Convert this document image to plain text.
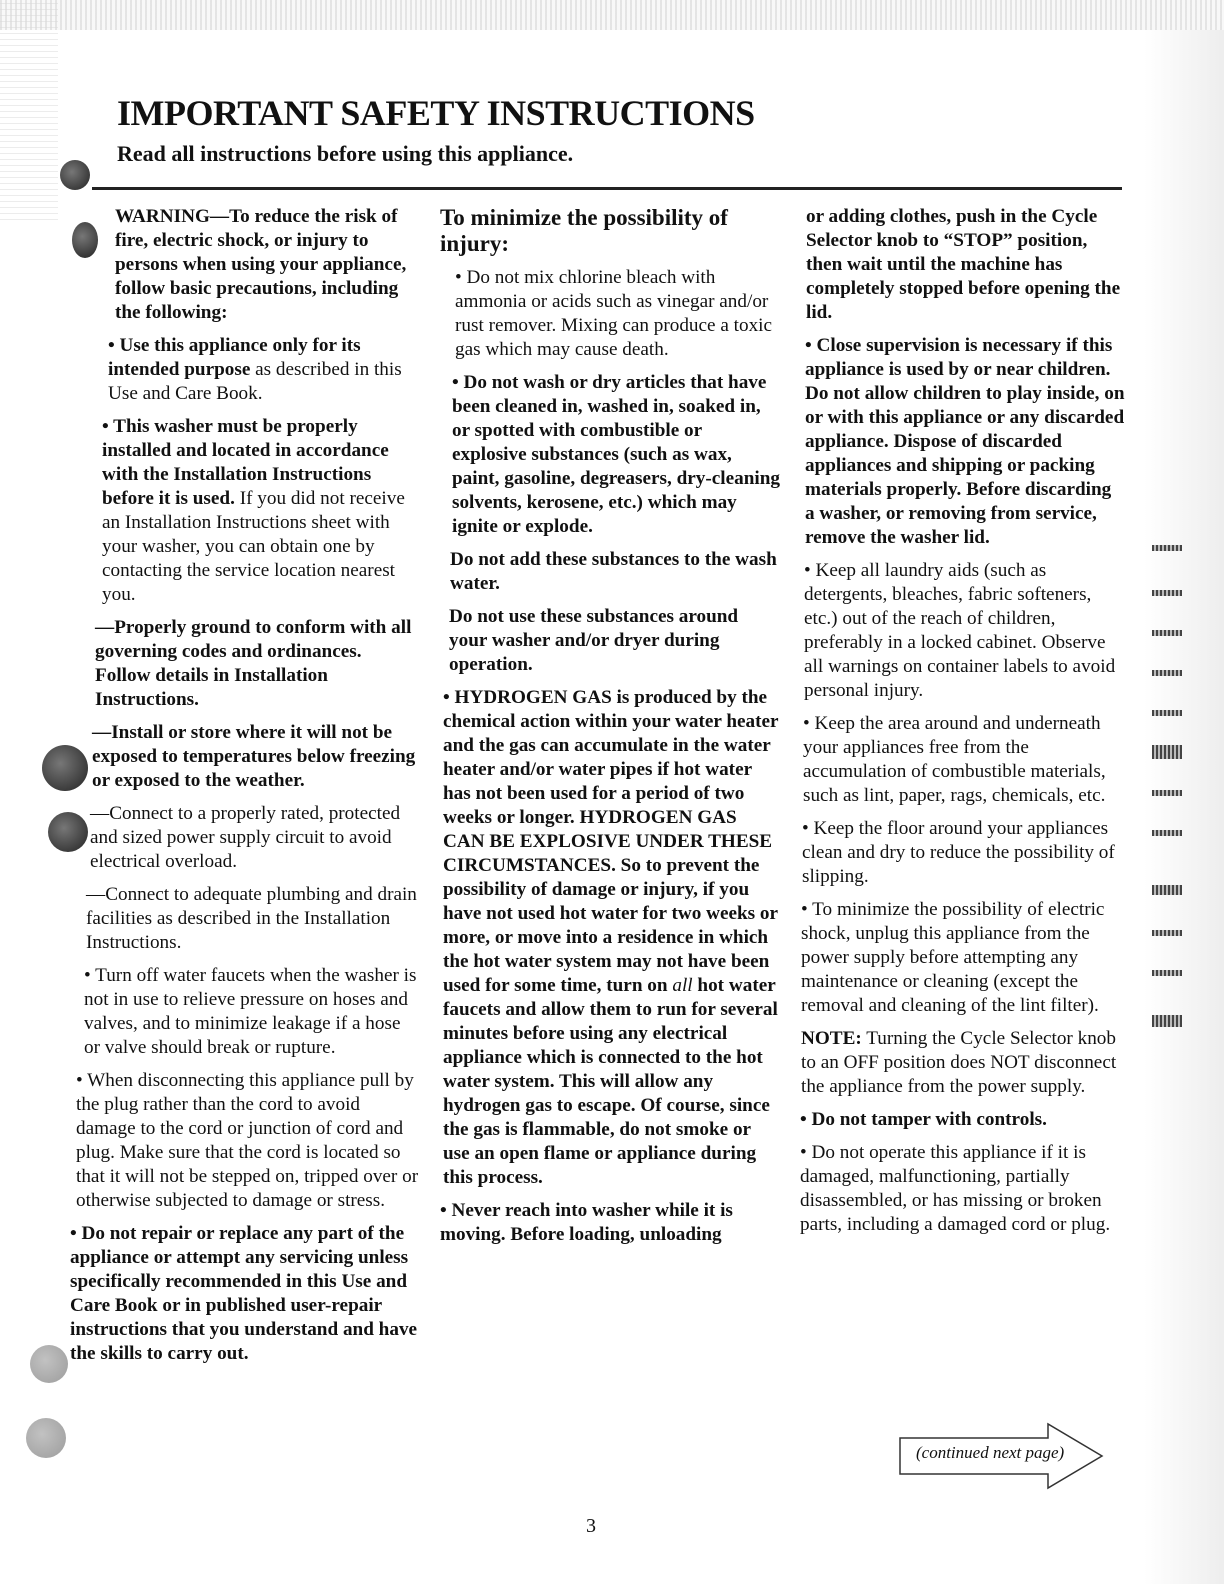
IMPORTANT SAFETY INSTRUCTIONS

Read all instructions before using this appliance.

WARNING—To reduce the risk of fire, electric shock, or injury to persons when using your appliance, follow basic precautions, including the following:

• Use this appliance only for its intended purpose as described in this Use and Care Book.

• This washer must be properly installed and located in accordance with the Installation Instructions before it is used. If you did not receive an Installation Instructions sheet with your washer, you can obtain one by contacting the service location nearest you.

—Properly ground to conform with all governing codes and ordinances. Follow details in Installation Instructions.

—Install or store where it will not be exposed to temperatures below freezing or exposed to the weather.

—Connect to a properly rated, protected and sized power supply circuit to avoid electrical overload.

—Connect to adequate plumbing and drain facilities as described in the Installation Instructions.

• Turn off water faucets when the washer is not in use to relieve pressure on hoses and valves, and to minimize leakage if a hose or valve should break or rupture.

• When disconnecting this appliance pull by the plug rather than the cord to avoid damage to the cord or junction of cord and plug. Make sure that the cord is located so that it will not be stepped on, tripped over or otherwise subjected to damage or stress.

• Do not repair or replace any part of the appliance or attempt any servicing unless specifically recommended in this Use and Care Book or in published user-repair instructions that you understand and have the skills to carry out.

To minimize the possibility of injury:

• Do not mix chlorine bleach with ammonia or acids such as vinegar and/or rust remover. Mixing can produce a toxic gas which may cause death.

• Do not wash or dry articles that have been cleaned in, washed in, soaked in, or spotted with combustible or explosive substances (such as wax, paint, gasoline, degreasers, dry-cleaning solvents, kerosene, etc.) which may ignite or explode.

Do not add these substances to the wash water.

Do not use these substances around your washer and/or dryer during operation.

• HYDROGEN GAS is produced by the chemical action within your water heater and the gas can accumulate in the water heater and/or water pipes if hot water has not been used for a period of two weeks or longer. HYDROGEN GAS CAN BE EXPLOSIVE UNDER THESE CIRCUMSTANCES. So to prevent the possibility of damage or injury, if you have not used hot water for two weeks or more, or move into a residence in which the hot water system may not have been used for some time, turn on all hot water faucets and allow them to run for several minutes before using any electrical appliance which is connected to the hot water system. This will allow any hydrogen gas to escape. Of course, since the gas is flammable, do not smoke or use an open flame or appliance during this process.

• Never reach into washer while it is moving. Before loading, unloading

or adding clothes, push in the Cycle Selector knob to “STOP” position, then wait until the machine has completely stopped before opening the lid.

• Close supervision is necessary if this appliance is used by or near children. Do not allow children to play inside, on or with this appliance or any discarded appliance. Dispose of discarded appliances and shipping or packing materials properly. Before discarding a washer, or removing from service, remove the washer lid.

• Keep all laundry aids (such as detergents, bleaches, fabric softeners, etc.) out of the reach of children, preferably in a locked cabinet. Observe all warnings on container labels to avoid personal injury.

• Keep the area around and underneath your appliances free from the accumulation of combustible materials, such as lint, paper, rags, chemicals, etc.

• Keep the floor around your appliances clean and dry to reduce the possibility of slipping.

• To minimize the possibility of electric shock, unplug this appliance from the power supply before attempting any maintenance or cleaning (except the removal and cleaning of the lint filter).

NOTE: Turning the Cycle Selector knob to an OFF position does NOT disconnect the appliance from the power supply.

• Do not tamper with controls.

• Do not operate this appliance if it is damaged, malfunctioning, partially disassembled, or has missing or broken parts, including a damaged cord or plug.

(continued next page)
3
